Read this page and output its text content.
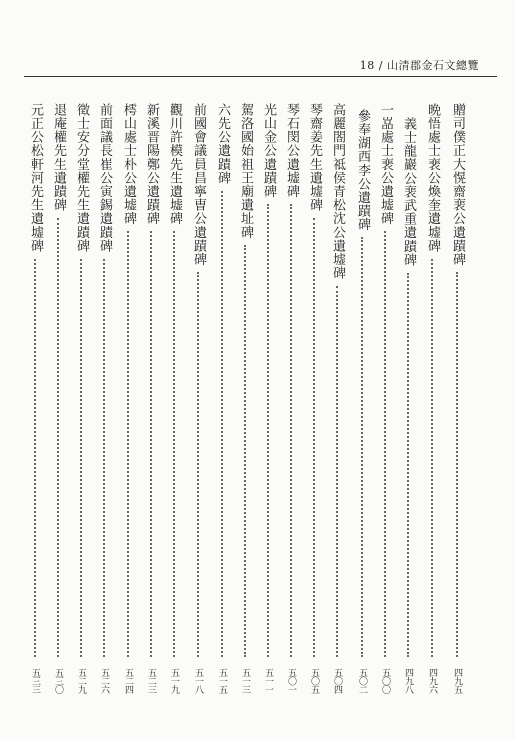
18 / 山清郡金石文總覽
贈司僕正大愰齋裵公遺蹟碑
四九五
晩悟處士裵公煥奎遺墟碑
四九六
義士龍巖公裵武重遺蹟碑
四九八
一嵓處士裵公遺墟碑
五〇〇
參奉湖西李公遺蹟碑
五〇二
高麗閤門祗侯青松沈公遺墟碑
五〇四
琴齋姜先生遺墟碑
五〇五
琴石閔公遺墟碑
五〇一
光山金公遺蹟碑
五一一
駕洛國始祖王廟遺址碑
五一三
六先公遺蹟碑
五一五
前國會議員昌寧曺公遺蹟碑
五一八
觀川許模先生遺墟碑
五一九
新溪晋陽鄭公遺蹟碑
五二三
樗山處士朴公遺墟碑
五二四
前面議長崔公寅錫遺蹟碑
五二六
徵士安分堂權先生遺蹟碑
五二九
退庵權先生遺蹟碑
五三〇
元正公松軒河先生遺墟碑
五三三
